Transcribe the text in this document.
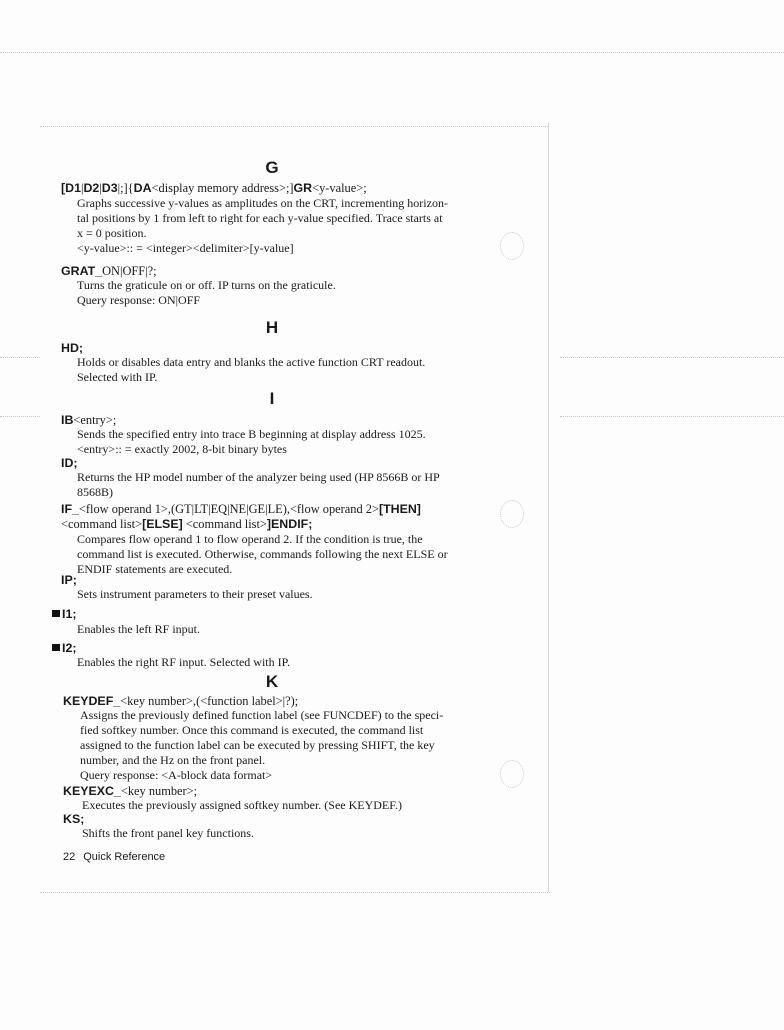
G
[D1|D2|D3|;]{DA<display memory address>;]GR<y-value>;
Graphs successive y-values as amplitudes on the CRT, incrementing horizon-
tal positions by 1 from left to right for each y-value specified. Trace starts at
x = 0 position.
<y-value>:: = <integer><delimiter>[y-value]
GRAT_ON|OFF|?;
Turns the graticule on or off. IP turns on the graticule.
Query response: ON|OFF
H
HD;
Holds or disables data entry and blanks the active function CRT readout.
Selected with IP.
I
IB<entry>;
Sends the specified entry into trace B beginning at display address 1025.
<entry>:: = exactly 2002, 8-bit binary bytes
ID;
Returns the HP model number of the analyzer being used (HP 8566B or HP
8568B)
IF_<flow operand 1>,(GT|LT|EQ|NE|GE|LE),<flow operand 2>[THEN]
<command list>[ELSE] <command list>]ENDIF;
Compares flow operand 1 to flow operand 2. If the condition is true, the
command list is executed. Otherwise, commands following the next ELSE or
ENDIF statements are executed.
IP;
Sets instrument parameters to their preset values.
I1;
Enables the left RF input.
I2;
Enables the right RF input. Selected with IP.
K
KEYDEF_<key number>,(<function label>|?);
Assigns the previously defined function label (see FUNCDEF) to the speci-
fied softkey number. Once this command is executed, the command list
assigned to the function label can be executed by pressing SHIFT, the key
number, and the Hz on the front panel.
Query response: <A-block data format>
KEYEXC_<key number>;
Executes the previously assigned softkey number. (See KEYDEF.)
KS;
Shifts the front panel key functions.
22 Quick Reference
